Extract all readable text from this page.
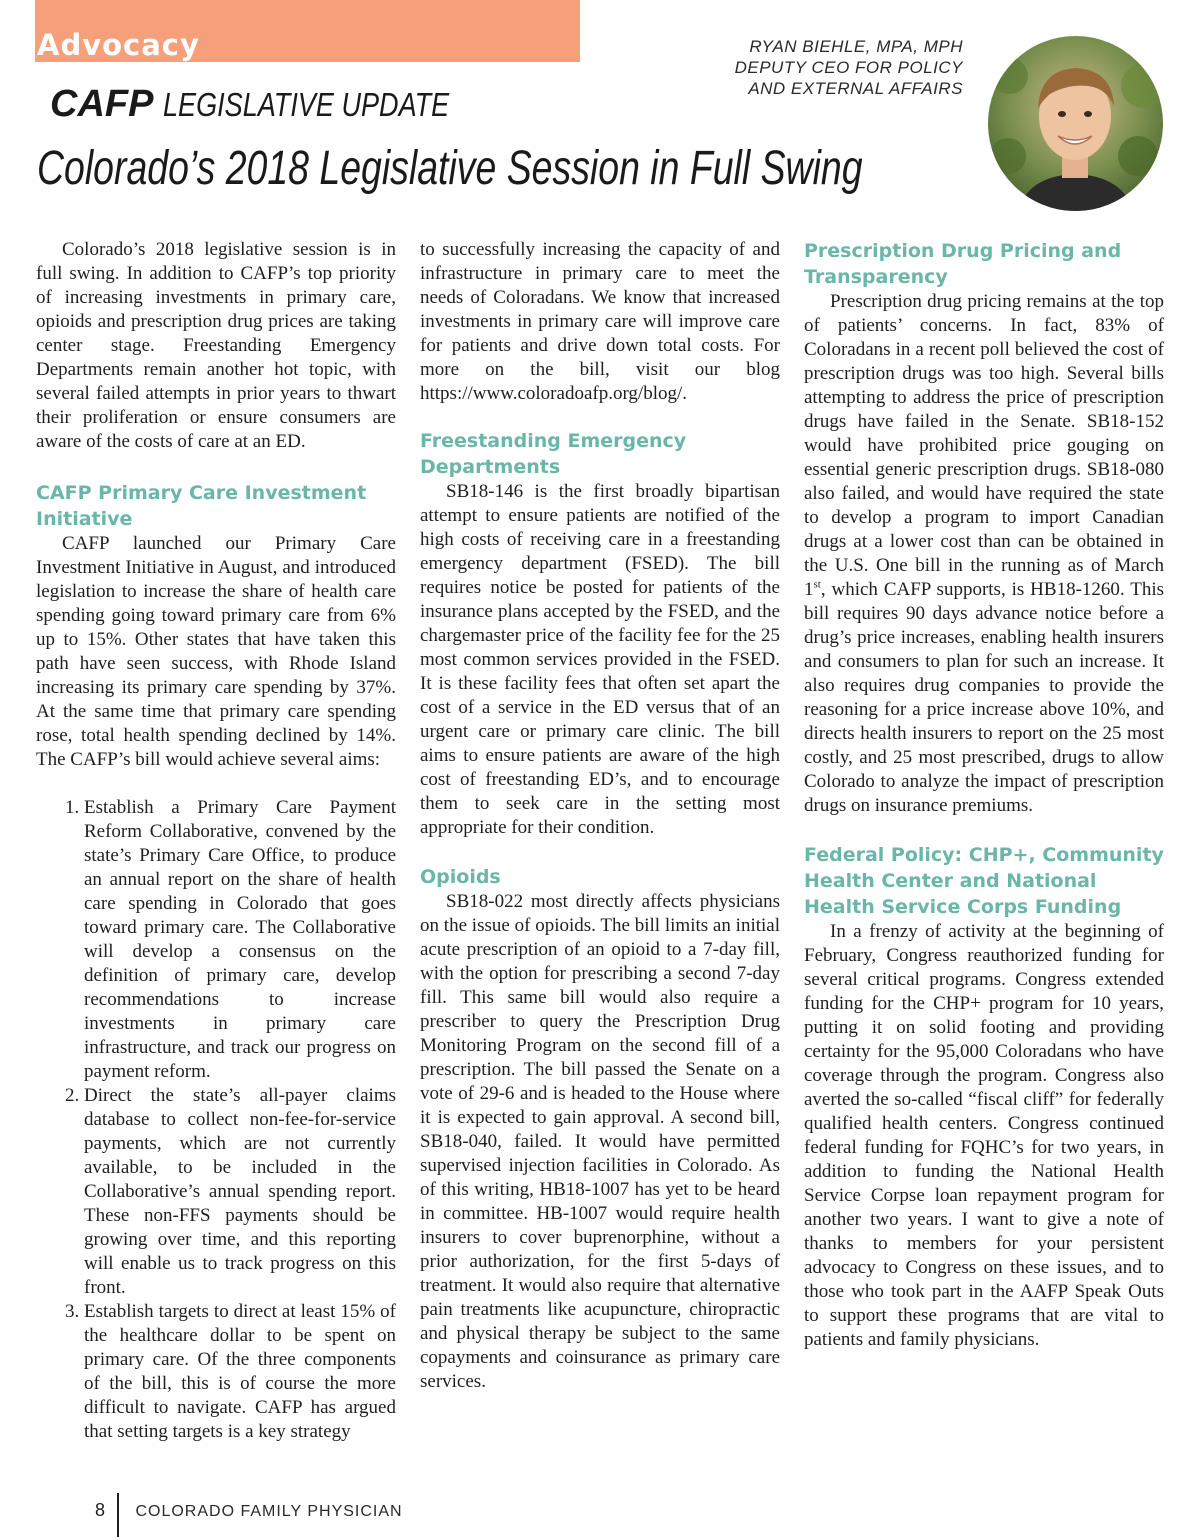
Advocacy	RYAN BIEHLE, MPA, MPH
DEPUTY CEO FOR POLICY
AND EXTERNAL AFFAIRS
CAFP LEGISLATIVE UPDATE
Colorado’s 2018 Legislative Session in Full Swing

Colorado’s 2018 legislative session is in full swing. In addition to CAFP’s top priority of increasing investments in primary care, opioids and prescription drug prices are taking center stage. Freestanding Emergency Departments remain another hot topic, with several failed attempts in prior years to thwart their proliferation or ensure consumers are aware of the costs of care at an ED.

CAFP Primary Care Investment Initiative

CAFP launched our Primary Care Investment Initiative in August, and introduced legislation to increase the share of health care spending going toward primary care from 6% up to 15%. Other states that have taken this path have seen success, with Rhode Island increasing its primary care spending by 37%. At the same time that primary care spending rose, total health spending declined by 14%. The CAFP’s bill would achieve several aims:

1. Establish a Primary Care Payment Reform Collaborative, convened by the state’s Primary Care Office, to produce an annual report on the share of health care spending in Colorado that goes toward primary care. The Collaborative will develop a consensus on the definition of primary care, develop recommendations to increase investments in primary care infrastructure, and track our progress on payment reform.
2. Direct the state’s all-payer claims database to collect non-fee-for-service payments, which are not currently available, to be included in the Collaborative’s annual spending report. These non-FFS payments should be growing over time, and this reporting will enable us to track progress on this front.
3. Establish targets to direct at least 15% of the healthcare dollar to be spent on primary care. Of the three components of the bill, this is of course the more difficult to navigate. CAFP has argued that setting targets is a key strategy

to successfully increasing the capacity of and infrastructure in primary care to meet the needs of Coloradans. We know that increased investments in primary care will improve care for patients and drive down total costs. For more on the bill, visit our blog https://www.coloradoafp.org/blog/.

Freestanding Emergency Departments

SB18-146 is the first broadly bipartisan attempt to ensure patients are notified of the high costs of receiving care in a freestanding emergency department (FSED). The bill requires notice be posted for patients of the insurance plans accepted by the FSED, and the chargemaster price of the facility fee for the 25 most common services provided in the FSED. It is these facility fees that often set apart the cost of a service in the ED versus that of an urgent care or primary care clinic. The bill aims to ensure patients are aware of the high cost of freestanding ED’s, and to encourage them to seek care in the setting most appropriate for their condition.

Opioids

SB18-022 most directly affects physicians on the issue of opioids. The bill limits an initial acute prescription of an opioid to a 7-day fill, with the option for prescribing a second 7-day fill. This same bill would also require a prescriber to query the Prescription Drug Monitoring Program on the second fill of a prescription. The bill passed the Senate on a vote of 29-6 and is headed to the House where it is expected to gain approval. A second bill, SB18-040, failed. It would have permitted supervised injection facilities in Colorado. As of this writing, HB18-1007 has yet to be heard in committee. HB-1007 would require health insurers to cover buprenorphine, without a prior authorization, for the first 5-days of treatment. It would also require that alternative pain treatments like acupuncture, chiropractic and physical therapy be subject to the same copayments and coinsurance as primary care services.

Prescription Drug Pricing and Transparency

Prescription drug pricing remains at the top of patients’ concerns. In fact, 83% of Coloradans in a recent poll believed the cost of prescription drugs was too high. Several bills attempting to address the price of prescription drugs have failed in the Senate. SB18-152 would have prohibited price gouging on essential generic prescription drugs. SB18-080 also failed, and would have required the state to develop a program to import Canadian drugs at a lower cost than can be obtained in the U.S. One bill in the running as of March 1st, which CAFP supports, is HB18-1260. This bill requires 90 days advance notice before a drug’s price increases, enabling health insurers and consumers to plan for such an increase. It also requires drug companies to provide the reasoning for a price increase above 10%, and directs health insurers to report on the 25 most costly, and 25 most prescribed, drugs to allow Colorado to analyze the impact of prescription drugs on insurance premiums.

Federal Policy: CHP+, Community Health Center and National Health Service Corps Funding

In a frenzy of activity at the beginning of February, Congress reauthorized funding for several critical programs. Congress extended funding for the CHP+ program for 10 years, putting it on solid footing and providing certainty for the 95,000 Coloradans who have coverage through the program. Congress also averted the so-called “fiscal cliff” for federally qualified health centers. Congress continued federal funding for FQHC’s for two years, in addition to funding the National Health Service Corpse loan repayment program for another two years. I want to give a note of thanks to members for your persistent advocacy to Congress on these issues, and to those who took part in the AAFP Speak Outs to support these programs that are vital to patients and family physicians.

8 COLORADO FAMILY PHYSICIAN
